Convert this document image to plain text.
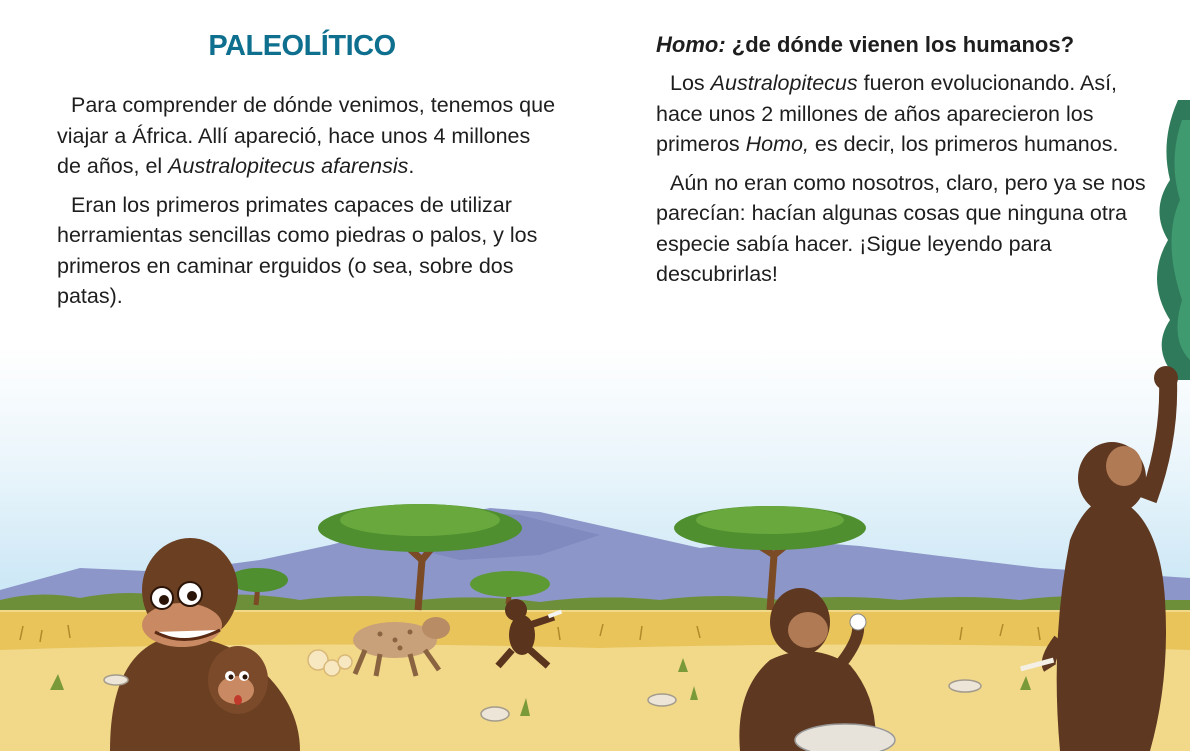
PALEOLÍTICO

Para comprender de dónde venimos, tenemos que viajar a África. Allí apareció, hace unos 4 millones de años, el Australopitecus afarensis.

Eran los primeros primates capaces de utilizar herramientas sencillas como piedras o palos, y los primeros en caminar erguidos (o sea, sobre dos patas).

Homo: ¿de dónde vienen los humanos?

Los Australopitecus fueron evolucionando. Así, hace unos 2 millones de años aparecieron los primeros Homo, es decir, los primeros humanos.

Aún no eran como nosotros, claro, pero ya se nos parecían: hacían algunas cosas que ninguna otra especie sabía hacer. ¡Sigue leyendo para descubrirlas!
